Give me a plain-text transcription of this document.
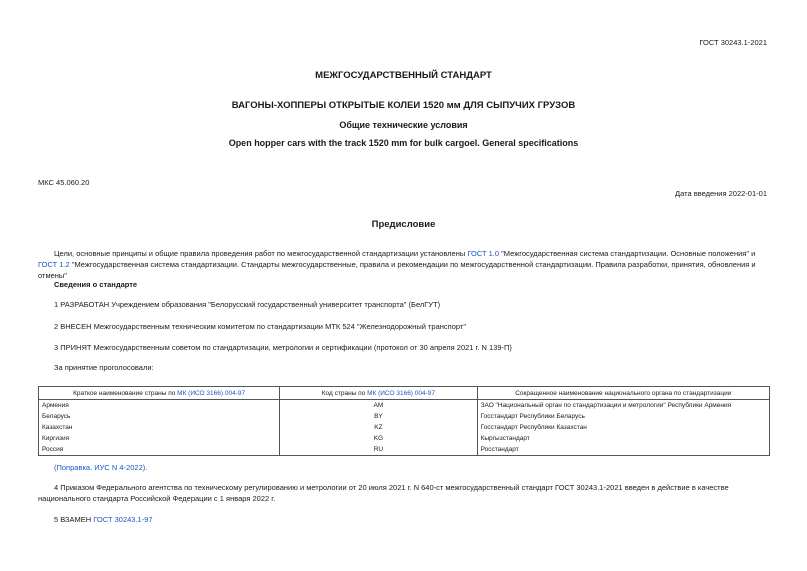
ГОСТ 30243.1-2021
МЕЖГОСУДАРСТВЕННЫЙ СТАНДАРТ
ВАГОНЫ-ХОППЕРЫ ОТКРЫТЫЕ КОЛЕИ 1520 мм ДЛЯ СЫПУЧИХ ГРУЗОВ
Общие технические условия
Open hopper cars with the track 1520 mm for bulk cargoel. General specifications
МКС 45.060.20
Дата введения 2022-01-01
Предисловие
Цели, основные принципы и общие правила проведения работ по межгосударственной стандартизации установлены ГОСТ 1.0 "Межгосударственная система стандартизации. Основные положения" и ГОСТ 1.2 "Межгосударственная система стандартизации. Стандарты межгосударственные, правила и рекомендации по межгосударственной стандартизации. Правила разработки, принятия, обновления и отмены"
Сведения о стандарте
1 РАЗРАБОТАН Учреждением образования "Белорусский государственный университет транспорта" (БелГУТ)
2 ВНЕСЕН Межгосударственным техническим комитетом по стандартизации МТК 524 "Железнодорожный транспорт"
3 ПРИНЯТ Межгосударственным советом по стандартизации, метрологии и сертификации (протокол от 30 апреля 2021 г. N 139-П)
За принятие проголосовали:
Краткое наименование страны по МК (ИСО 3166) 004-97	Код страны по МК (ИСО 3166) 004-97	Сокращенное наименование национального органа по стандартизации
Армения	AM	ЗАО "Национальный орган по стандартизации и метрологии" Республики Армения
Беларусь	BY	Госстандарт Республики Беларусь
Казахстан	KZ	Госстандарт Республики Казахстан
Киргизия	KG	Кыргызстандарт
Россия	RU	Росстандарт
(Поправка. ИУС N 4-2022).
4 Приказом Федерального агентства по техническому регулированию и метрологии от 20 июля 2021 г. N 640-ст межгосударственный стандарт ГОСТ 30243.1-2021 введен в действие в качестве национального стандарта Российской Федерации с 1 января 2022 г.
5 ВЗАМЕН ГОСТ 30243.1-97
